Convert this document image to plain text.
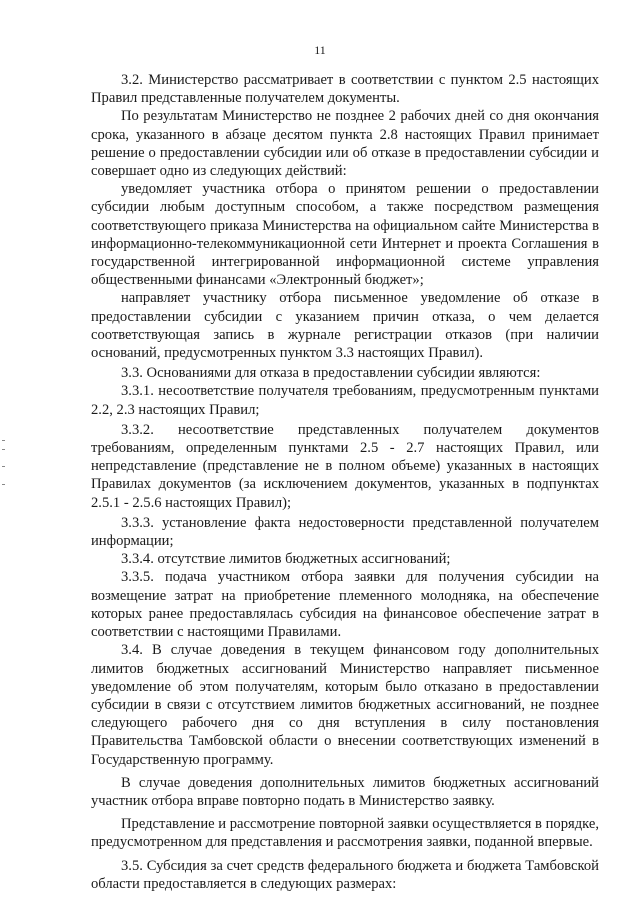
11

3.2. Министерство рассматривает в соответствии с пунктом 2.5 настоящих Правил представленные получателем документы.

По результатам Министерство не позднее 2 рабочих дней со дня окончания срока, указанного в абзаце десятом пункта 2.8 настоящих Правил принимает решение о предоставлении субсидии или об отказе в предоставлении субсидии и совершает одно из следующих действий:

уведомляет участника отбора о принятом решении о предоставлении субсидии любым доступным способом, а также посредством размещения соответствующего приказа Министерства на официальном сайте Министерства в информационно-телекоммуникационной сети Интернет и проекта Соглашения в государственной интегрированной информационной системе управления общественными финансами «Электронный бюджет»;

направляет участнику отбора письменное уведомление об отказе в предоставлении субсидии с указанием причин отказа, о чем делается соответствующая запись в журнале регистрации отказов (при наличии оснований, предусмотренных пунктом 3.3 настоящих Правил).

3.3. Основаниями для отказа в предоставлении субсидии являются:

3.3.1. несоответствие получателя требованиям, предусмотренным пунктами 2.2, 2.3 настоящих Правил;

3.3.2. несоответствие представленных получателем документов требованиям, определенным пунктами 2.5 - 2.7 настоящих Правил, или непредставление (представление не в полном объеме) указанных в настоящих Правилах документов (за исключением документов, указанных в подпунктах 2.5.1 - 2.5.6 настоящих Правил);

3.3.3. установление факта недостоверности представленной получателем информации;

3.3.4. отсутствие лимитов бюджетных ассигнований;

3.3.5. подача участником отбора заявки для получения субсидии на возмещение затрат на приобретение племенного молодняка, на обеспечение которых ранее предоставлялась субсидия на финансовое обеспечение затрат в соответствии с настоящими Правилами.

3.4. В случае доведения в текущем финансовом году дополнительных лимитов бюджетных ассигнований Министерство направляет письменное уведомление об этом получателям, которым было отказано в предоставлении субсидии в связи с отсутствием лимитов бюджетных ассигнований, не позднее следующего рабочего дня со дня вступления в силу постановления Правительства Тамбовской области о внесении соответствующих изменений в Государственную программу.

В случае доведения дополнительных лимитов бюджетных ассигнований участник отбора вправе повторно подать в Министерство заявку.

Представление и рассмотрение повторной заявки осуществляется в порядке, предусмотренном для представления и рассмотрения заявки, поданной впервые.

3.5. Субсидия за счет средств федерального бюджета и бюджета Тамбовской области предоставляется в следующих размерах:
